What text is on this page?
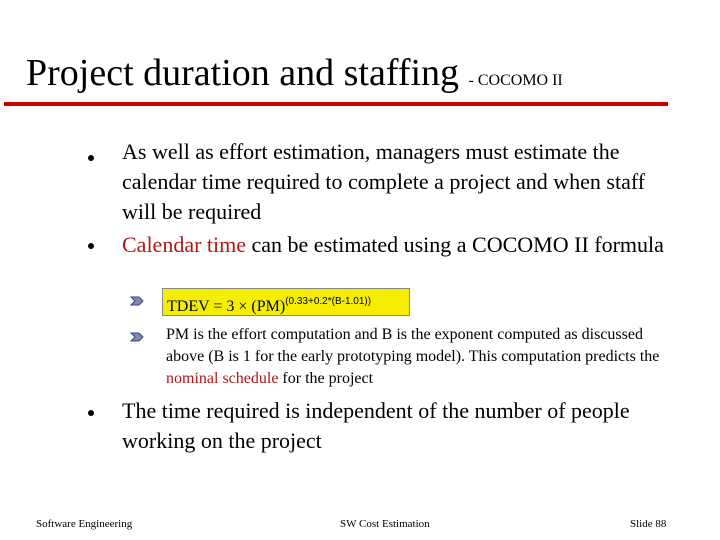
Project duration and staffing - COCOMO II
As well as effort estimation, managers must estimate the calendar time required to complete a project and when staff will be required
Calendar time can be estimated using a COCOMO II formula
TDEV = 3 × (PM)$^{(0.33+0.2*(B-1.01))}$
PM is the effort computation and B is the exponent computed as discussed above (B is 1 for the early prototyping model). This computation predicts the nominal schedule for the project
The time required is independent of the number of people working on the project
Software Engineering	SW Cost Estimation	Slide 88
